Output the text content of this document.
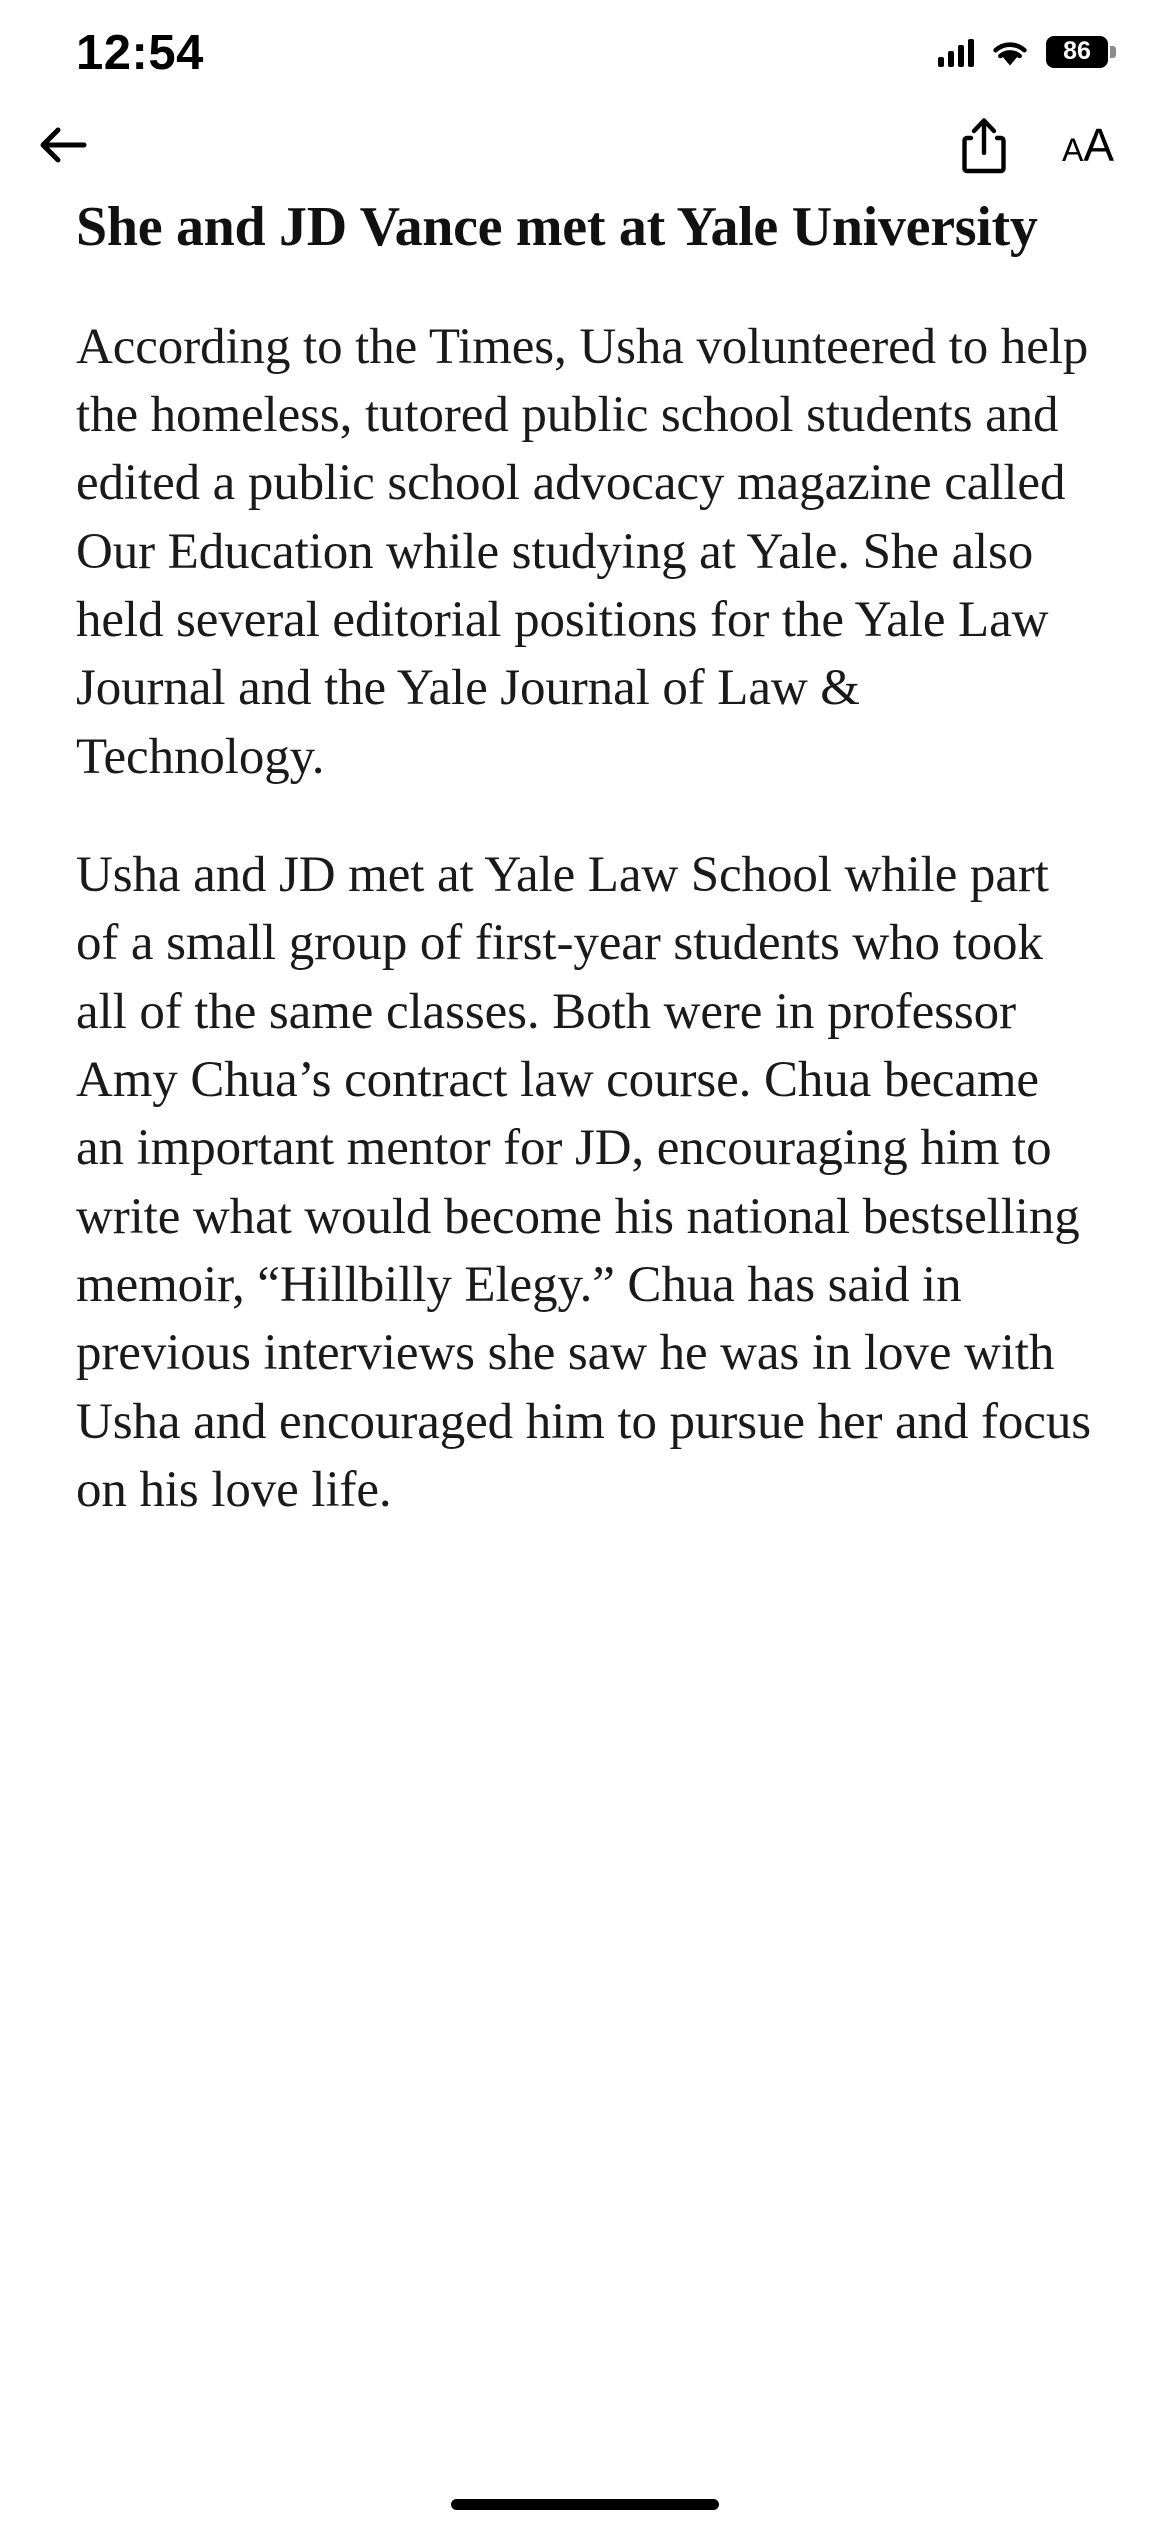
12:54	86
A A
She and JD Vance met at Yale University

According to the Times, Usha volunteered to help the homeless, tutored public school students and edited a public school advocacy magazine called Our Education while studying at Yale. She also held several editorial positions for the Yale Law Journal and the Yale Journal of Law & Technology.

Usha and JD met at Yale Law School while part of a small group of first-year students who took all of the same classes. Both were in professor Amy Chua’s contract law course. Chua became an important mentor for JD, encouraging him to write what would become his national bestselling memoir, “Hillbilly Elegy.” Chua has said in previous interviews she saw he was in love with Usha and encouraged him to pursue her and focus on his love life.
